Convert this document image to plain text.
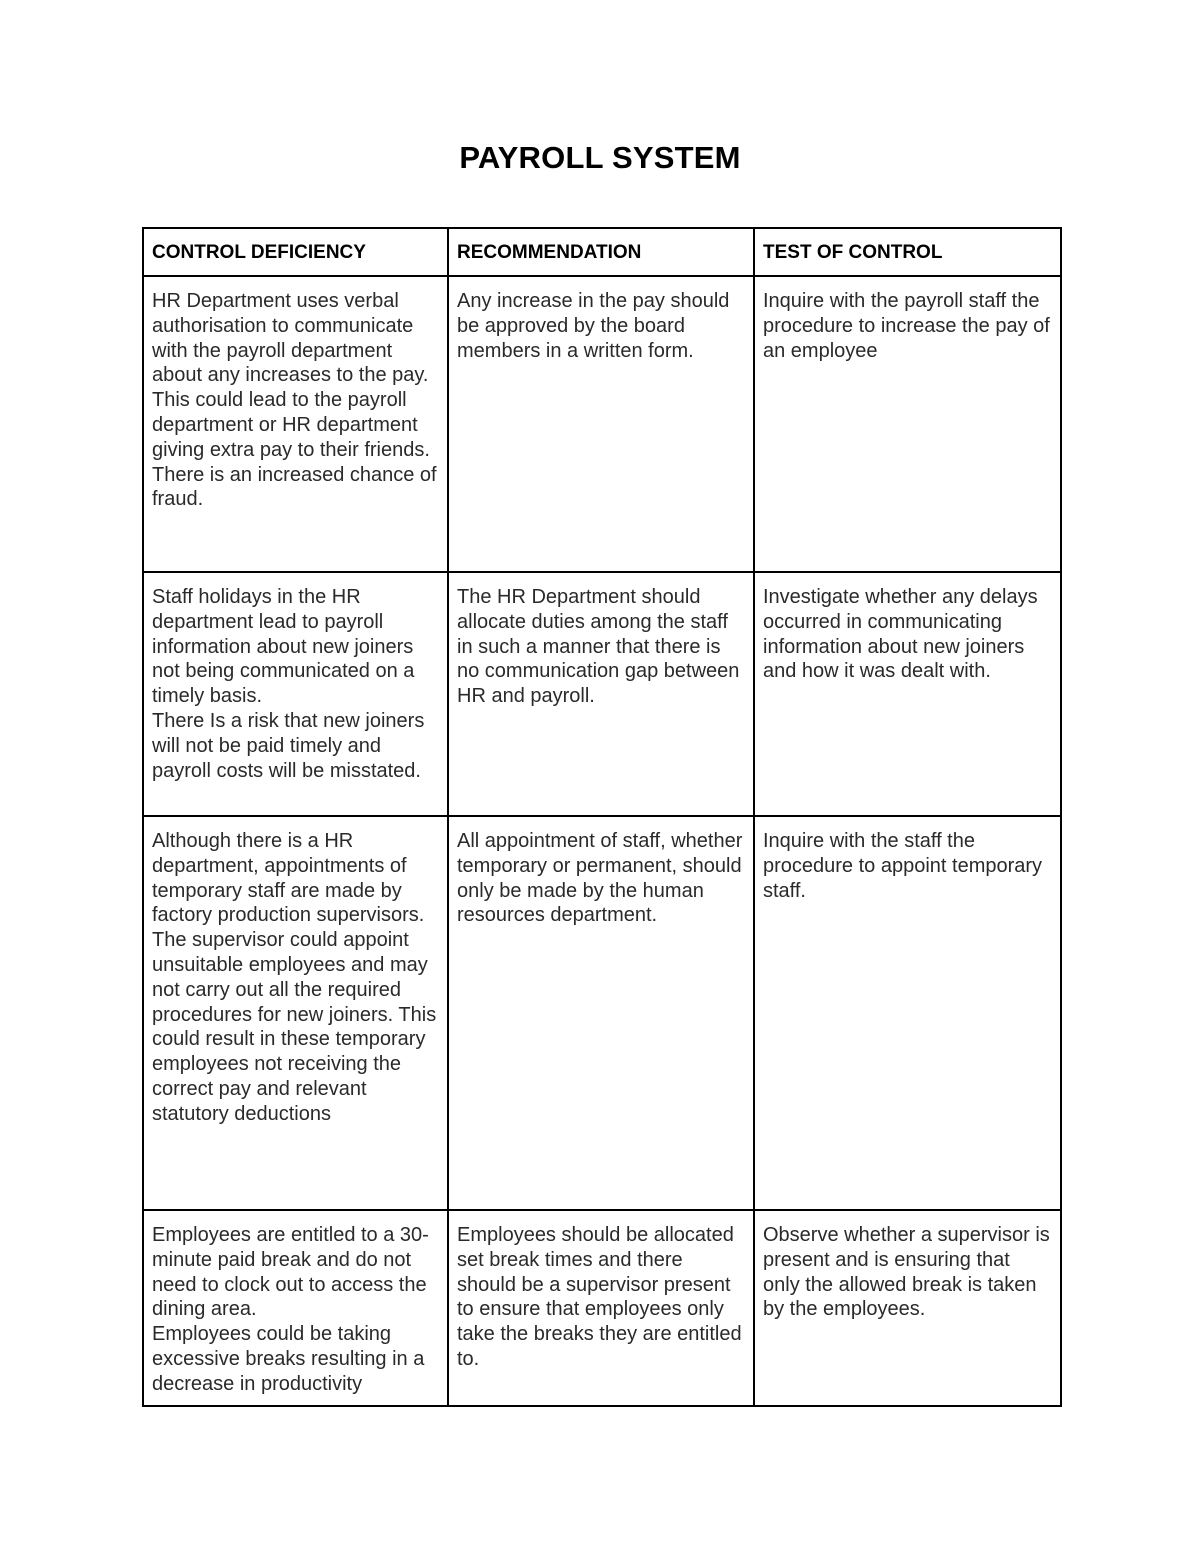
PAYROLL SYSTEM
CONTROL DEFICIENCY	RECOMMENDATION	TEST OF CONTROL

HR Department uses verbal authorisation to communicate with the payroll department about any increases to the pay.
This could lead to the payroll department or HR department giving extra pay to their friends. There is an increased chance of fraud.	Any increase in the pay should be approved by the board members in a written form.	Inquire with the payroll staff the procedure to increase the pay of an employee

Staff holidays in the HR department lead to payroll information about new joiners not being communicated on a timely basis.
There Is a risk that new joiners will not be paid timely and payroll costs will be misstated.	The HR Department should allocate duties among the staff in such a manner that there is no communication gap between HR and payroll.	Investigate whether any delays occurred in communicating information about new joiners and how it was dealt with.

Although there is a HR department, appointments of temporary staff are made by factory production supervisors.
The supervisor could appoint unsuitable employees and may not carry out all the required procedures for new joiners. This could result in these temporary employees not receiving the correct pay and relevant statutory deductions	All appointment of staff, whether temporary or permanent, should only be made by the human resources department.	Inquire with the staff the procedure to appoint temporary staff.

Employees are entitled to a 30-minute paid break and do not need to clock out to access the dining area.
Employees could be taking excessive breaks resulting in a decrease in productivity	Employees should be allocated set break times and there should be a supervisor present to ensure that employees only take the breaks they are entitled to.	Observe whether a supervisor is present and is ensuring that only the allowed break is taken by the employees.
